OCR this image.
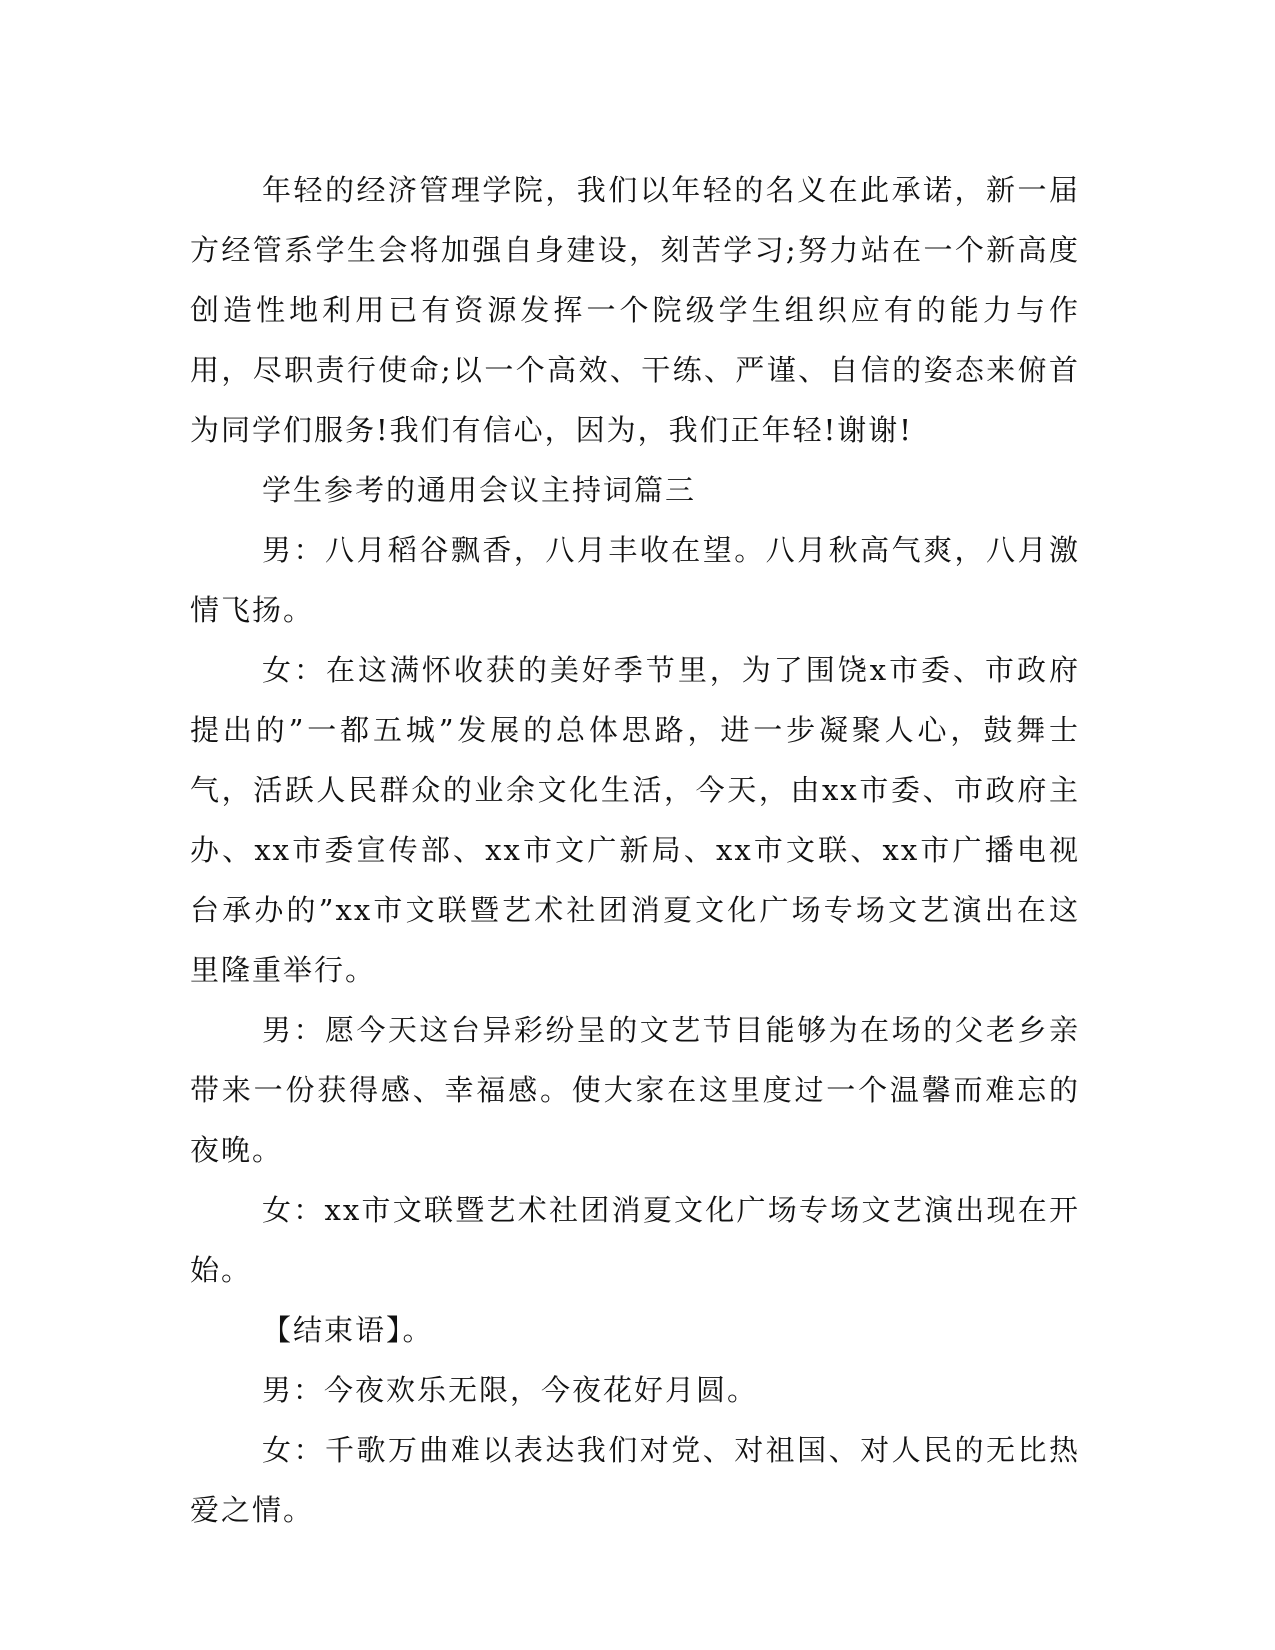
年轻的经济管理学院，我们以年轻的名义在此承诺，新一届方经管系学生会将加强自身建设，刻苦学习;努力站在一个新高度创造性地利用已有资源发挥一个院级学生组织应有的能力与作用，尽职责行使命;以一个高效、干练、严谨、自信的姿态来俯首为同学们服务!我们有信心，因为，我们正年轻!谢谢!

学生参考的通用会议主持词篇三

男：八月稻谷飘香，八月丰收在望。八月秋高气爽，八月激情飞扬。

女：在这满怀收获的美好季节里，为了围饶x市委、市政府提出的”一都五城”发展的总体思路，进一步凝聚人心，鼓舞士气，活跃人民群众的业余文化生活，今天，由xx市委、市政府主办、xx市委宣传部、xx市文广新局、xx市文联、xx市广播电视台承办的”xx市文联暨艺术社团消夏文化广场专场文艺演出在这里隆重举行。

男：愿今天这台异彩纷呈的文艺节目能够为在场的父老乡亲带来一份获得感、幸福感。使大家在这里度过一个温馨而难忘的夜晚。

女：xx市文联暨艺术社团消夏文化广场专场文艺演出现在开始。

【结束语】。

男：今夜欢乐无限，今夜花好月圆。

女：千歌万曲难以表达我们对党、对祖国、对人民的无比热爱之情。
